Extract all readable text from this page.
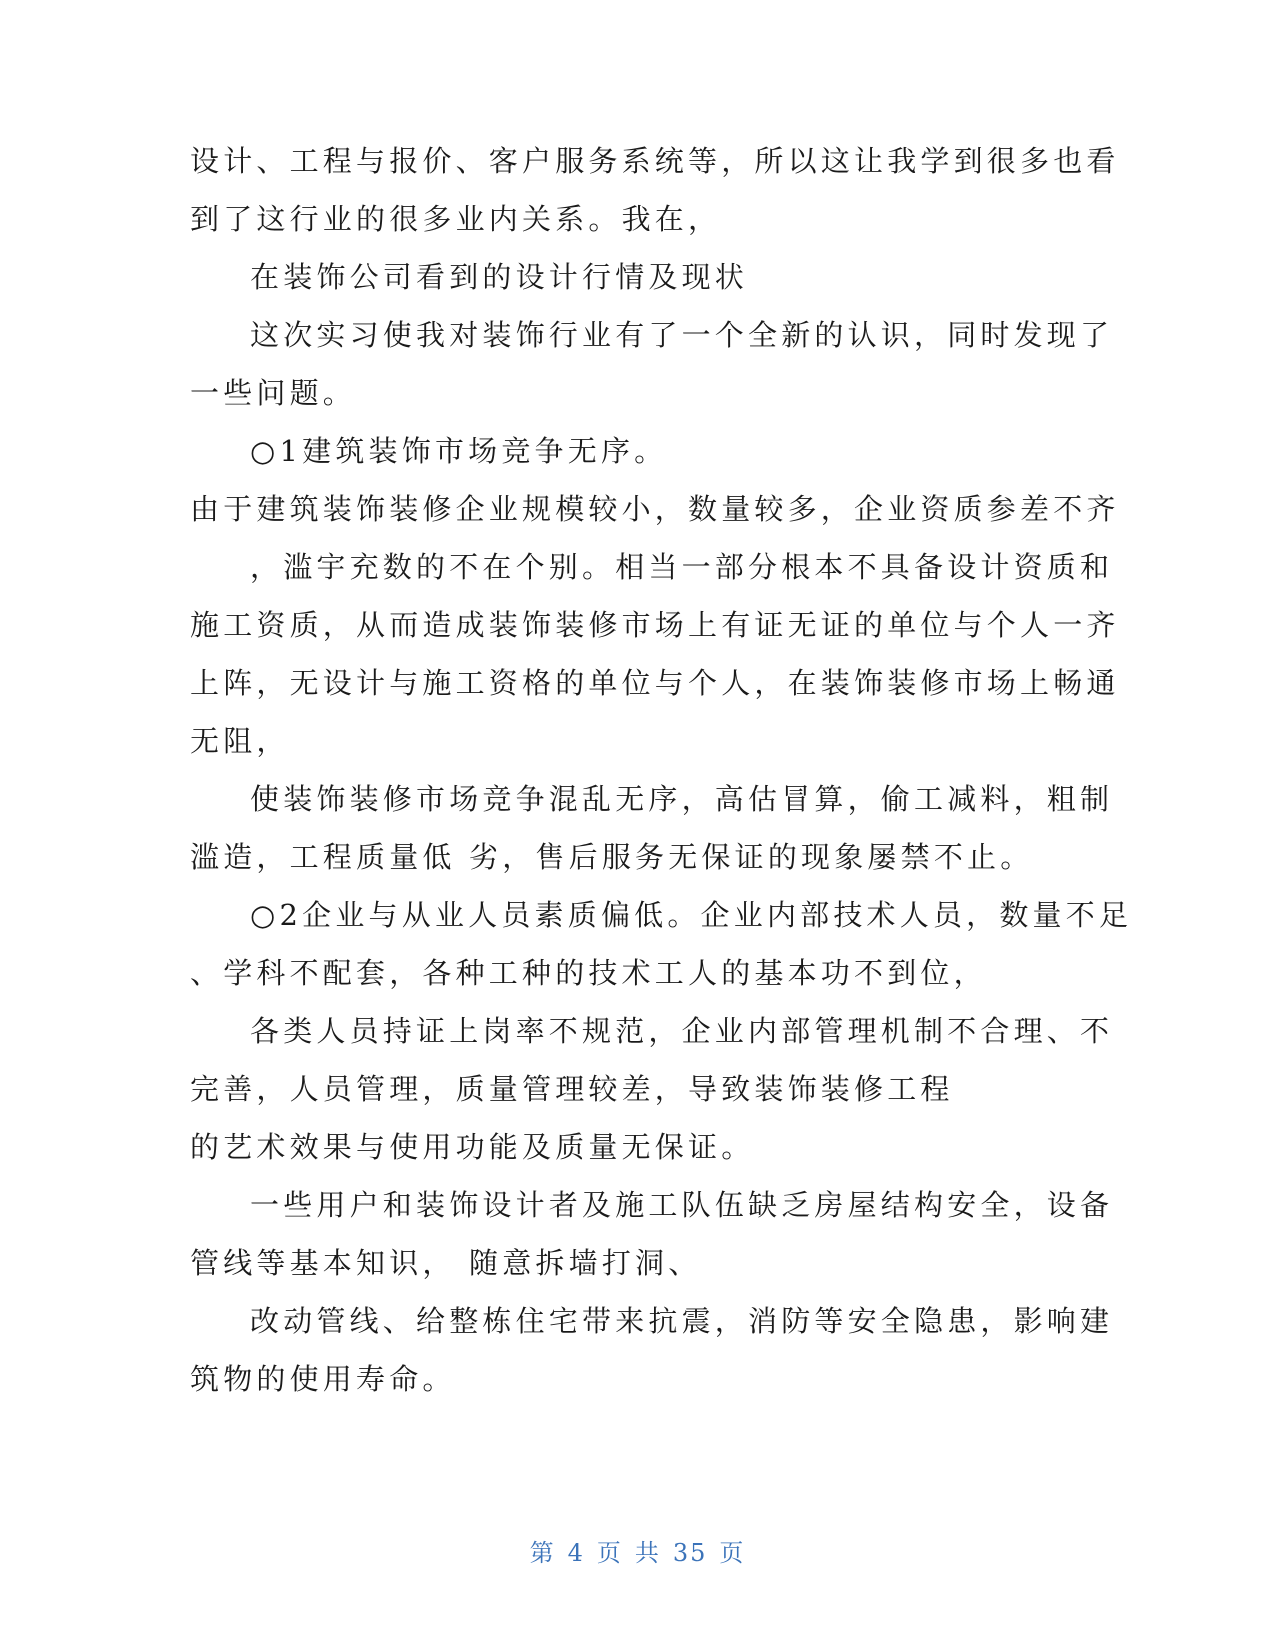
设计、工程与报价、客户服务系统等，所以这让我学到很多也看
到了这行业的很多业内关系。我在，
在装饰公司看到的设计行情及现状
这次实习使我对装饰行业有了一个全新的认识，同时发现了
一些问题。
○1建筑装饰市场竞争无序。
由于建筑装饰装修企业规模较小，数量较多，企业资质参差不齐
，滥宇充数的不在个别。相当一部分根本不具备设计资质和
施工资质，从而造成装饰装修市场上有证无证的单位与个人一齐
上阵，无设计与施工资格的单位与个人，在装饰装修市场上畅通
无阻，
使装饰装修市场竞争混乱无序，高估冒算，偷工减料，粗制
滥造，工程质量低 劣，售后服务无保证的现象屡禁不止。
○2企业与从业人员素质偏低。企业内部技术人员，数量不足
、学科不配套，各种工种的技术工人的基本功不到位，
各类人员持证上岗率不规范，企业内部管理机制不合理、不
完善，人员管理，质量管理较差，导致装饰装修工程
的艺术效果与使用功能及质量无保证。
一些用户和装饰设计者及施工队伍缺乏房屋结构安全，设备
管线等基本知识， 随意拆墙打洞、
改动管线、给整栋住宅带来抗震，消防等安全隐患，影响建
筑物的使用寿命。
第 4 页 共 35 页
